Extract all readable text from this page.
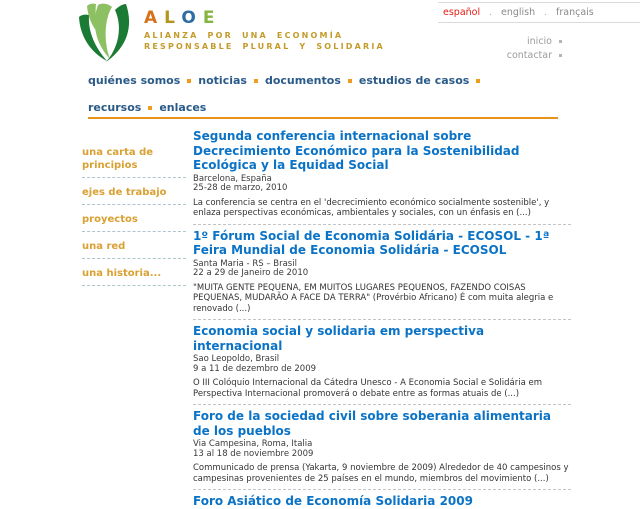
ALOE
ALIANZA POR UNA ECONOMÍA
RESPONSABLE PLURAL Y SOLIDARIA
español . english . français
inicio
contactar
quiénes somos noticias documentos estudios de casos
recursos enlaces
una carta de principios
ejes de trabajo
proyectos
una red
una historia...
Segunda conferencia internacional sobre Decrecimiento Económico para la Sostenibilidad Ecológica y la Equidad Social
Barcelona, España
25-28 de marzo, 2010
La conferencia se centra en el 'decrecimiento económico socialmente sostenible', y enlaza perspectivas económicas, ambientales y sociales, con un énfasis en (...)
1º Fórum Social de Economia Solidária - ECOSOL - 1ª Feira Mundial de Economia Solidária - ECOSOL
Santa Maria - RS – Brasil
22 a 29 de Janeiro de 2010
"MUITA GENTE PEQUENA, EM MUITOS LUGARES PEQUENOS, FAZENDO COISAS PEQUENAS, MUDARÃO A FACE DA TERRA" (Provérbio Africano) É com muita alegria e renovado (...)
Economia social y solidaria em perspectiva internacional
Sao Leopoldo, Brasil
9 a 11 de dezembro de 2009
O III Colóquio Internacional da Cátedra Unesco - A Economia Social e Solidária em Perspectiva Internacional promoverá o debate entre as formas atuais de (...)
Foro de la sociedad civil sobre soberania alimentaria de los pueblos
Via Campesina, Roma, Italia
13 al 18 de noviembre 2009
Communicado de prensa (Yakarta, 9 noviembre de 2009) Alrededor de 40 campesinos y campesinas provenientes de 25 países en el mundo, miembros del movimiento (...)
Foro Asiático de Economía Solidaria 2009
